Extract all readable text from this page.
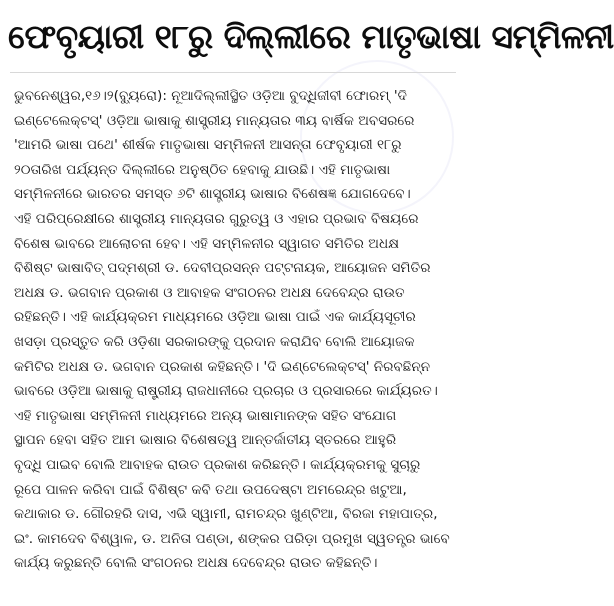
ଫେବୃୟାରୀ ୧୮ରୁ ଦିଲ୍ଲୀରେ ମାତୃଭାଷା ସମ୍ମିଳନୀ
ଭୁବନେଶ୍ୱର,୧୬।୨(ବ୍ୟୁରୋ): ନୂଆଦିଲ୍ଲୀସ୍ଥିତ ଓଡ଼ିଆ ବୁଦ୍ଧିଜୀବୀ ଫୋରମ୍ 'ଦି
ଇଣ୍ଟେଲେକ୍ଟସ୍' ଓଡ଼ିଆ ଭାଷାକୁ ଶାସ୍ତ୍ରୀୟ ମାନ୍ୟତାର ୩ୟ ବାର୍ଷିକ ଅବସରରେ
'ଆମରି ଭାଷା ପଥେ' ଶୀର୍ଷକ ମାତୃଭାଷା ସମ୍ମିଳନୀ ଆସନ୍ତା ଫେବୃୟାରୀ ୧୮ରୁ
୨୦ତାରିଖ ପର୍ଯ୍ୟନ୍ତ ଦିଲ୍ଲୀରେ ଅନୁଷ୍ଠିତ ହେବାକୁ ଯାଉଛି। ଏହି ମାତୃଭାଷା
ସମ୍ମିଳନୀରେ ଭାରତର ସମସ୍ତ ୬ଟି ଶାସ୍ତ୍ରୀୟ ଭାଷାର ବିଶେଷଜ୍ଞ ଯୋଗଦେବେ।
ଏହି ପରିପ୍ରେକ୍ଷୀରେ ଶାସ୍ତ୍ରୀୟ ମାନ୍ୟତାର ଗୁରୁତ୍ୱ ଓ ଏହାର ପ୍ରଭାବ ବିଷୟରେ
ବିଶେଷ ଭାବରେ ଆଲୋଚନା ହେବ। ଏହି ସମ୍ମିଳନୀର ସ୍ୱାଗତ ସମିତିର ଅଧକ୍ଷ
ବିଶିଷ୍ଟ ଭାଷାବିତ୍ ପଦ୍ମଶ୍ରୀ ଡ. ଦେବୀପ୍ରସନ୍ନ ପଟ୍ଟନାୟକ, ଆୟୋଜନ ସମିତିର
ଅଧକ୍ଷ ଡ. ଭଗବାନ ପ୍ରକାଶ ଓ ଆବାହକ ସଂଗଠନର ଅଧକ୍ଷ ଦେବେନ୍ଦ୍ର ରାଉତ
ରହିଛନ୍ତି। ଏହି କାର୍ଯ୍ୟକ୍ରମ ମାଧ୍ୟମରେ ଓଡ଼ିଆ ଭାଷା ପାଇଁ ଏକ କାର୍ଯ୍ୟସୂଚୀର
ଖସଡ଼ା ପ୍ରସ୍ତୁତ କରି ଓଡ଼ିଶା ସରକାରଙ୍କୁ ପ୍ରଦାନ କରାଯିବ ବୋଲି ଆୟୋଜକ
କମିଟିର ଅଧକ୍ଷ ଡ. ଭଗବାନ ପ୍ରକାଶ କହିଛନ୍ତି। 'ଦି ଇଣ୍ଟେଲେକ୍ଟସ୍' ନିରବଛିନ୍ନ
ଭାବରେ ଓଡ଼ିଆ ଭାଷାକୁ ରାଷ୍ଟ୍ରୀୟ ରାଜଧାନୀରେ ପ୍ରଚାର ଓ ପ୍ରସାରରେ କାର୍ଯ୍ୟରତ।
ଏହି ମାତୃଭାଷା ସମ୍ମିଳନୀ ମାଧ୍ୟମରେ ଅନ୍ୟ ଭାଷାମାନଙ୍କ ସହିତ ସଂଯୋଗ
ସ୍ଥାପନ ହେବା ସହିତ ଆମ ଭାଷାର ବିଶେଷତ୍ୱ ଆନ୍ତର୍ଜାତୀୟ ସ୍ତରରେ ଆହୁରି
ବୃଦ୍ଧି ପାଇବ ବୋଲି ଆବାହକ ରାଉତ ପ୍ରକାଶ କରିଛନ୍ତି। କାର୍ଯ୍ୟକ୍ରମକୁ ସୁଚାରୁ
ରୂପେ ପାଳନ କରିବା ପାଇଁ ବିଶିଷ୍ଟ କବି ତଥା ଉପଦେଷ୍ଟା ଅମରେନ୍ଦ୍ର ଖଟୁଆ,
କଥାକାର ଡ. ଗୌରହରି ଦାସ, ଏଭି ସ୍ୱାମୀ, ରାମଚନ୍ଦ୍ର ଖୁଣ୍ଟିଆ, ବିରଜା ମହାପାତ୍ର,
ଇଂ. କାମଦେବ ବିଶ୍ୱାଳ, ଡ. ଅନିତା ପଣ୍ଡା, ଶଙ୍କର ପରିଡ଼ା ପ୍ରମୁଖ ସ୍ୱତନ୍ତ୍ର ଭାବେ
କାର୍ଯ୍ୟ କରୁଛନ୍ତି ବୋଲି ସଂଗଠନର ଅଧକ୍ଷ ଦେବେନ୍ଦ୍ର ରାଉତ କହିଛନ୍ତି।
